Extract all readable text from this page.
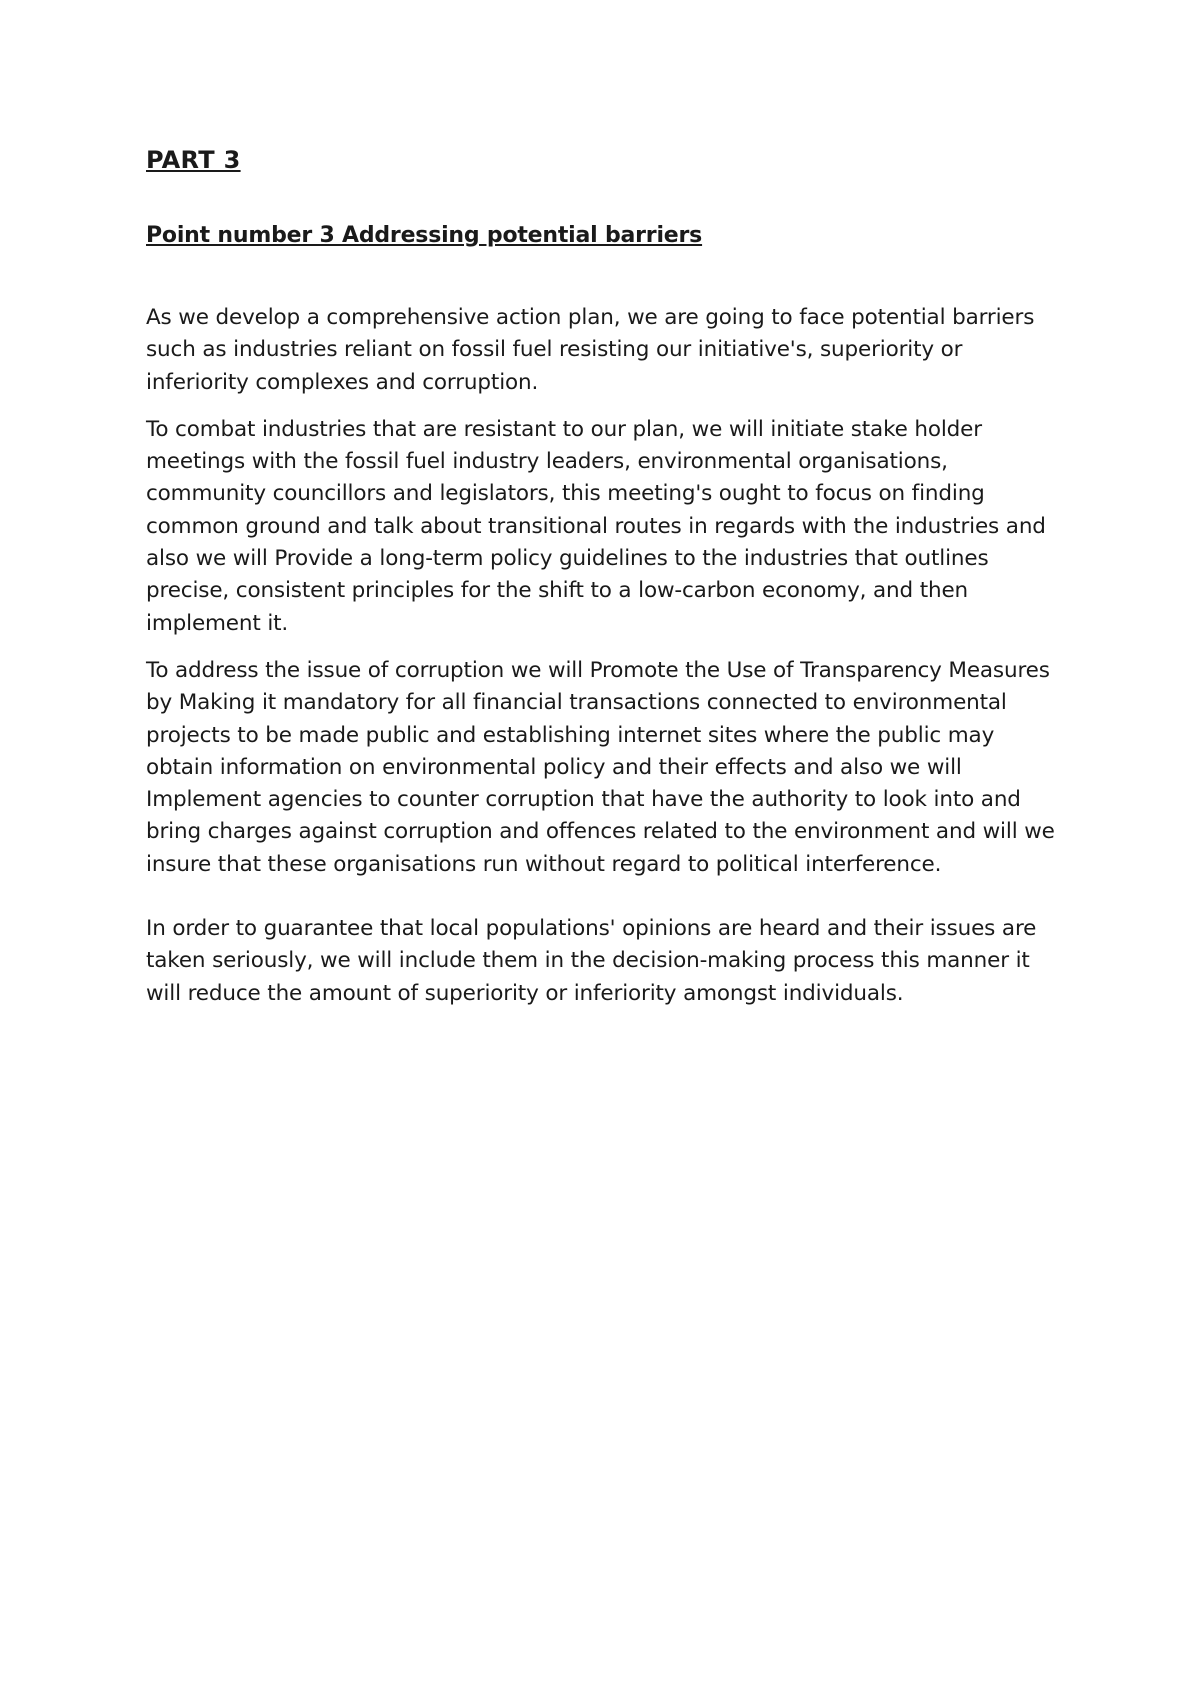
PART 3
Point number 3 Addressing potential barriers

As we develop a comprehensive action plan, we are going to face potential barriers such as industries reliant on fossil fuel resisting our initiative's, superiority or inferiority complexes and corruption.

To combat industries that are resistant to our plan, we will initiate stake holder meetings with the fossil fuel industry leaders, environmental organisations, community councillors and legislators, this meeting's ought to focus on finding common ground and talk about transitional routes in regards with the industries and also we will Provide a long-term policy guidelines to the industries that outlines precise, consistent principles for the shift to a low-carbon economy, and then implement it.

To address the issue of corruption we will Promote the Use of Transparency Measures by Making it mandatory for all financial transactions connected to environmental projects to be made public and establishing internet sites where the public may obtain information on environmental policy and their effects and also we will Implement agencies to counter corruption that have the authority to look into and bring charges against corruption and offences related to the environment and will we insure that these organisations run without regard to political interference.

In order to guarantee that local populations' opinions are heard and their issues are taken seriously, we will include them in the decision-making process this manner it will reduce the amount of superiority or inferiority amongst individuals.
